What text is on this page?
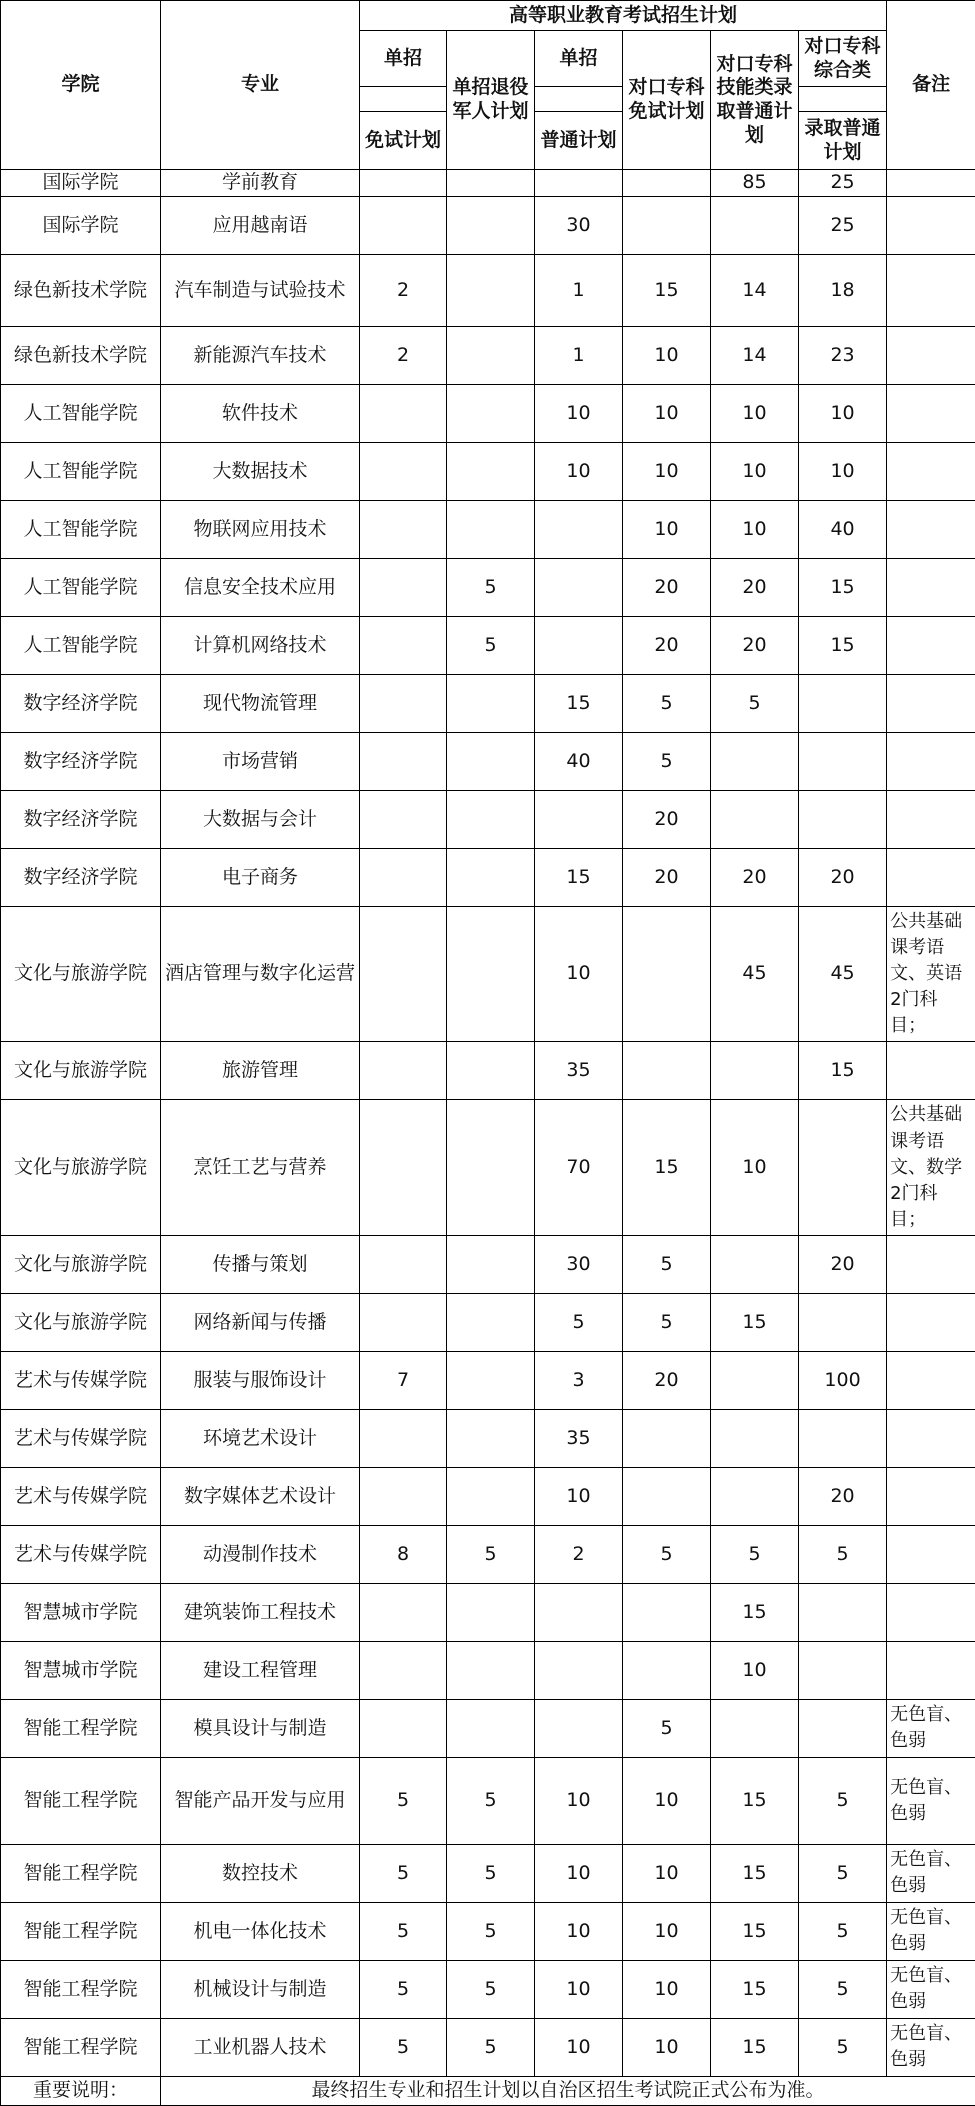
学院	专业	高等职业教育考试招生计划						备注
		单招	单招退役军人计划	单招	对口专科免试计划	对口专科技能类录取普通计划	对口专科综合类	

		免试计划		普通计划			录取普通计划	
国际学院	学前教育					85	25	
国际学院	应用越南语			30			25	
绿色新技术学院	汽车制造与试验技术	2		1	15	14	18	
绿色新技术学院	新能源汽车技术	2		1	10	14	23	
人工智能学院	软件技术			10	10	10	10	
人工智能学院	大数据技术			10	10	10	10	
人工智能学院	物联网应用技术				10	10	40	
人工智能学院	信息安全技术应用		5		20	20	15	
人工智能学院	计算机网络技术		5		20	20	15	
数字经济学院	现代物流管理			15	5	5		
数字经济学院	市场营销			40	5			
数字经济学院	大数据与会计				20			
数字经济学院	电子商务			15	20	20	20	
文化与旅游学院	酒店管理与数字化运营			10		45	45	公共基础课考语文、英语2门科目；
文化与旅游学院	旅游管理			35			15	
文化与旅游学院	烹饪工艺与营养			70	15	10		公共基础课考语文、数学2门科目；
文化与旅游学院	传播与策划			30	5		20	
文化与旅游学院	网络新闻与传播			5	5	15		
艺术与传媒学院	服装与服饰设计	7		3	20		100	
艺术与传媒学院	环境艺术设计			35				
艺术与传媒学院	数字媒体艺术设计			10			20	
艺术与传媒学院	动漫制作技术	8	5	2	5	5	5	
智慧城市学院	建筑装饰工程技术					15		
智慧城市学院	建设工程管理					10		
智能工程学院	模具设计与制造				5			无色盲、色弱
智能工程学院	智能产品开发与应用	5	5	10	10	15	5	无色盲、色弱
智能工程学院	数控技术	5	5	10	10	15	5	无色盲、色弱
智能工程学院	机电一体化技术	5	5	10	10	15	5	无色盲、色弱
智能工程学院	机械设计与制造	5	5	10	10	15	5	无色盲、色弱
智能工程学院	工业机器人技术	5	5	10	10	15	5	无色盲、色弱
重要说明：	最终招生专业和招生计划以自治区招生考试院正式公布为准。							
